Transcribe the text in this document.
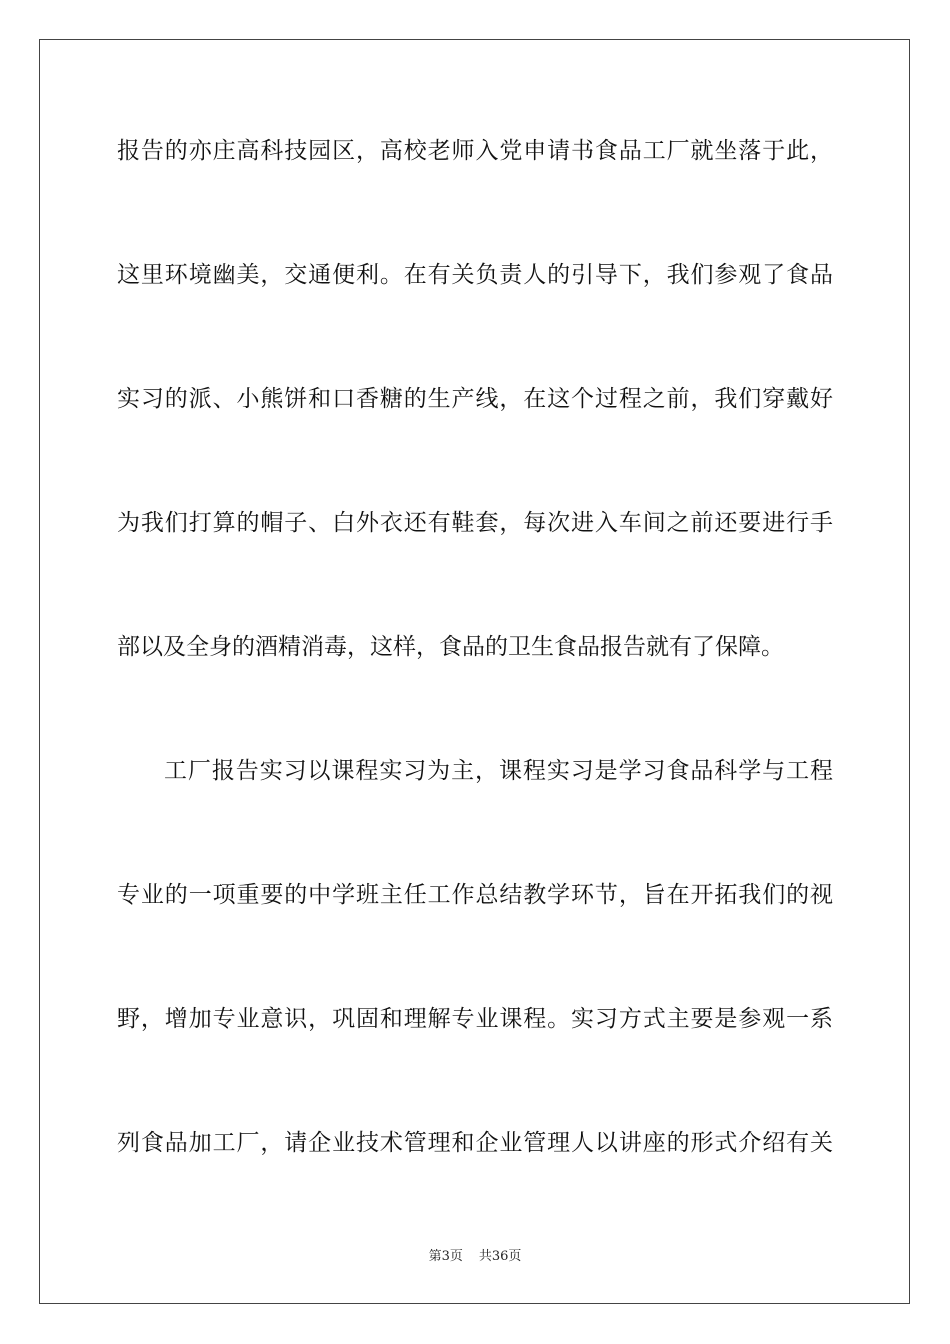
报告的亦庄高科技园区，高校老师入党申请书食品工厂就坐落于此，
这里环境幽美，交通便利。在有关负责人的引导下，我们参观了食品
实习的派、小熊饼和口香糖的生产线，在这个过程之前，我们穿戴好
为我们打算的帽子、白外衣还有鞋套，每次进入车间之前还要进行手
部以及全身的酒精消毒，这样，食品的卫生食品报告就有了保障。
工厂报告实习以课程实习为主，课程实习是学习食品科学与工程
专业的一项重要的中学班主任工作总结教学环节，旨在开拓我们的视
野，增加专业意识，巩固和理解专业课程。实习方式主要是参观一系
列食品加工厂，请企业技术管理和企业管理人以讲座的形式介绍有关
第3页 共36页
